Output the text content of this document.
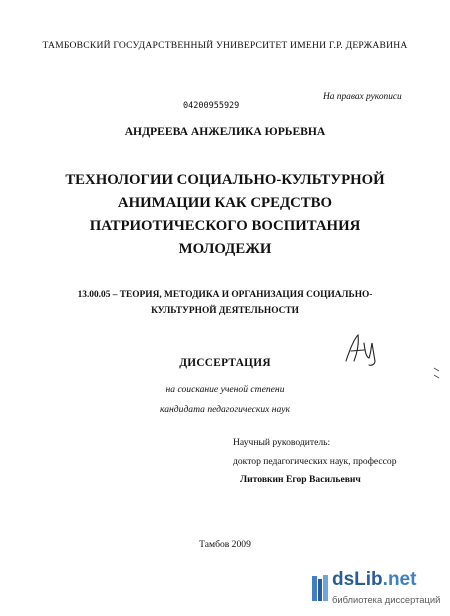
ТАМБОВСКИЙ ГОСУДАРСТВЕННЫЙ УНИВЕРСИТЕТ ИМЕНИ Г.Р. ДЕРЖАВИНА
На правах рукописи
04200955929
АНДРЕЕВА АНЖЕЛИКА ЮРЬЕВНА
ТЕХНОЛОГИИ СОЦИАЛЬНО-КУЛЬТУРНОЙ
АНИМАЦИИ КАК СРЕДСТВО
ПАТРИОТИЧЕСКОГО ВОСПИТАНИЯ
МОЛОДЕЖИ
13.00.05 – ТЕОРИЯ, МЕТОДИКА И ОРГАНИЗАЦИЯ СОЦИАЛЬНО-
КУЛЬТУРНОЙ ДЕЯТЕЛЬНОСТИ
ДИССЕРТАЦИЯ
на соискание ученой степени
кандидата педагогических наук
Научный руководитель:
доктор педагогических наук, профессор
Литовкин Егор Васильевич
Тамбов 2009
dsLib.net
библиотека диссертаций
